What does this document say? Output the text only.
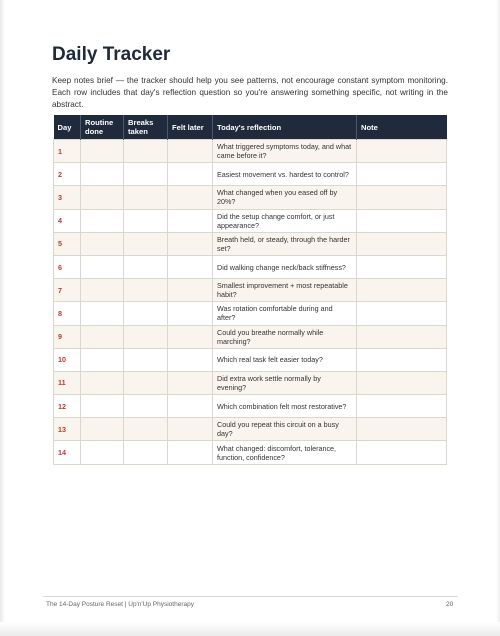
Daily Tracker

Keep notes brief — the tracker should help you see patterns, not encourage constant symptom monitoring. Each row includes that day's reflection question so you're answering something specific, not writing in the abstract.

Day	Routine done	Breaks taken	Felt later	Today's reflection	Note
1				What triggered symptoms today, and what came before it?	
2				Easiest movement vs. hardest to control?	
3				What changed when you eased off by 20%?	
4				Did the setup change comfort, or just appearance?	
5				Breath held, or steady, through the harder set?	
6				Did walking change neck/back stiffness?	
7				Smallest improvement + most repeatable habit?	
8				Was rotation comfortable during and after?	
9				Could you breathe normally while marching?	
10				Which real task felt easier today?	
11				Did extra work settle normally by evening?	
12				Which combination felt most restorative?	
13				Could you repeat this circuit on a busy day?	
14				What changed: discomfort, tolerance, function, confidence?	
The 14-Day Posture Reset | Up'n'Up Physiotherapy	20
